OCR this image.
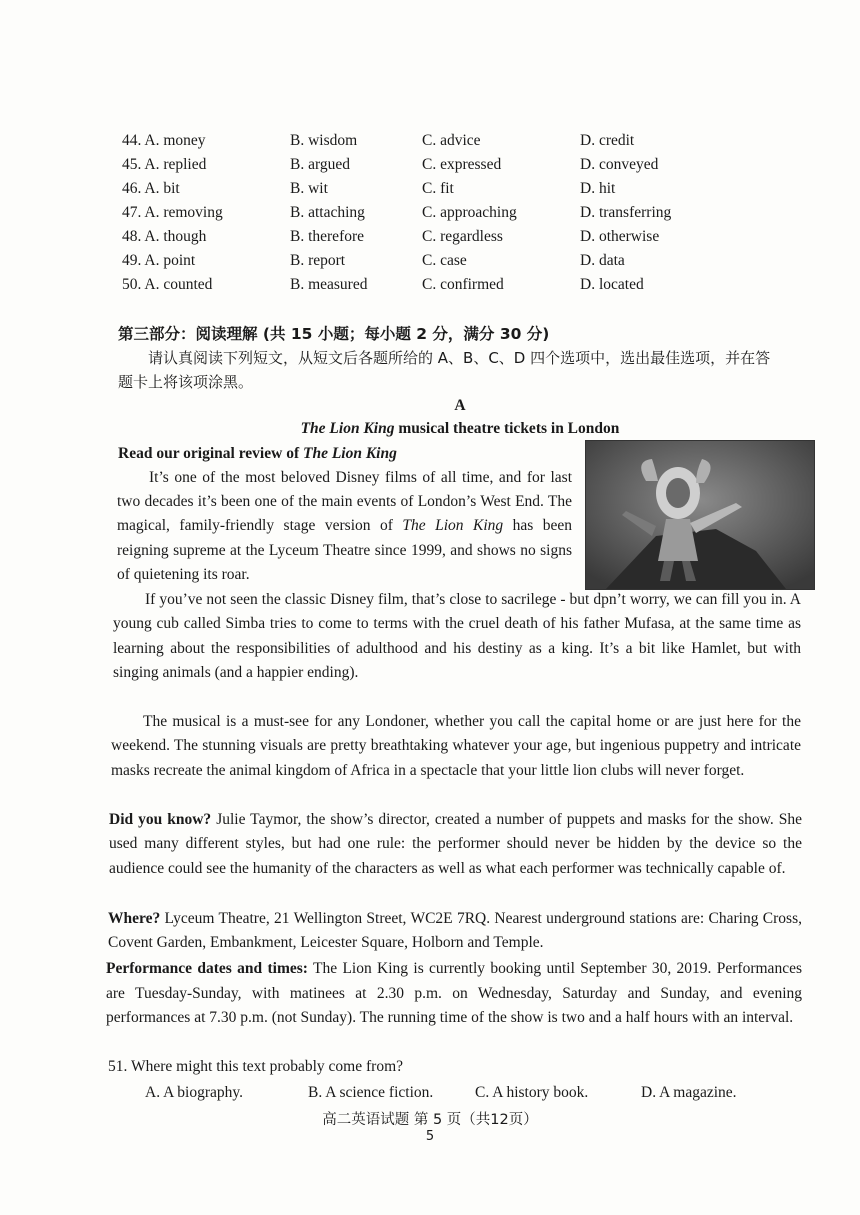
44. A. money	B. wisdom	C. advice	D. credit
45. A. replied	B. argued	C. expressed	D. conveyed
46. A. bit	B. wit	C. fit	D. hit
47. A. removing	B. attaching	C. approaching	D. transferring
48. A. though	B. therefore	C. regardless	D. otherwise
49. A. point	B. report	C. case	D. data
50. A. counted	B. measured	C. confirmed	D. located
第三部分：阅读理解 (共 15 小题；每小题 2 分，满分 30 分)
请认真阅读下列短文，从短文后各题所给的 A、B、C、D 四个选项中，选出最佳选项，并在答题卡上将该项涂黑。
A
The Lion King musical theatre tickets in London
Read our original review of The Lion King
It’s one of the most beloved Disney films of all time, and for last two decades it’s been one of the main events of London’s West End. The magical, family-friendly stage version of The Lion King has been reigning supreme at the Lyceum Theatre since 1999, and shows no signs of quietening its roar.
If you’ve not seen the classic Disney film, that’s close to sacrilege - but dpn’t worry, we can fill you in. A young cub called Simba tries to come to terms with the cruel death of his father Mufasa, at the same time as learning about the responsibilities of adulthood and his destiny as a king. It’s a bit like Hamlet, but with singing animals (and a happier ending).
The musical is a must-see for any Londoner, whether you call the capital home or are just here for the weekend. The stunning visuals are pretty breathtaking whatever your age, but ingenious puppetry and intricate masks recreate the animal kingdom of Africa in a spectacle that your little lion clubs will never forget.
Did you know? Julie Taymor, the show’s director, created a number of puppets and masks for the show. She used many different styles, but had one rule: the performer should never be hidden by the device so the audience could see the humanity of the characters as well as what each performer was technically capable of.
Where? Lyceum Theatre, 21 Wellington Street, WC2E 7RQ. Nearest underground stations are: Charing Cross, Covent Garden, Embankment, Leicester Square, Holborn and Temple.
Performance dates and times: The Lion King is currently booking until September 30, 2019. Performances are Tuesday-Sunday, with matinees at 2.30 p.m. on Wednesday, Saturday and Sunday, and evening performances at 7.30 p.m. (not Sunday). The running time of the show is two and a half hours with an interval.
51. Where might this text probably come from?
A. A biography.	B. A science fiction.	C. A history book.	D. A magazine.
高二英语试题 第 5 页（共12页）
5
